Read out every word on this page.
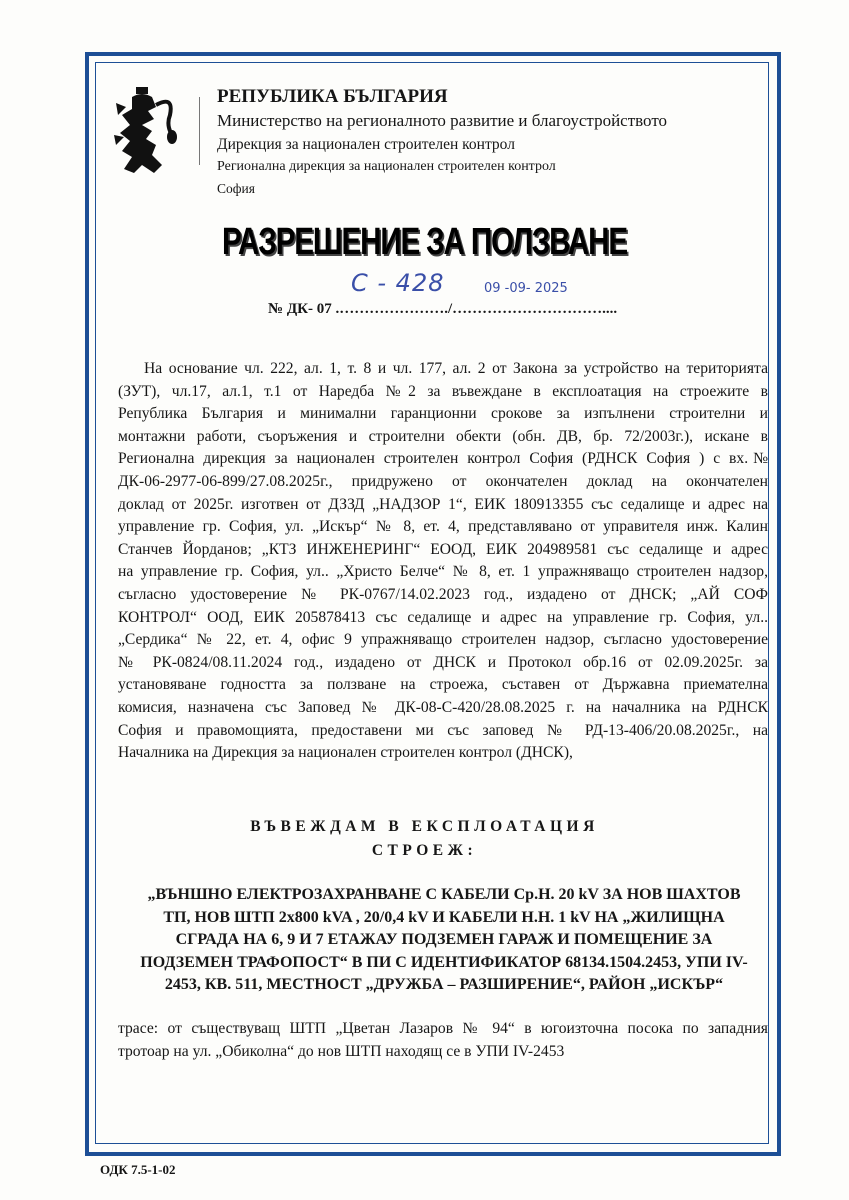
РЕПУБЛИКА БЪЛГАРИЯ
Министерство на регионалното развитие и благоустройството
Дирекция за национален строителен контрол
Регионална дирекция за национален строителен контрол
София
РАЗРЕШЕНИЕ ЗА ПОЛЗВАНЕ
С - 428	09 -09- 2025
№ ДК- 07 .…………………./…………………………....
На основание чл. 222, ал. 1, т. 8 и чл. 177, ал. 2 от Закона за устройство на територията
(ЗУТ), чл.17, ал.1, т.1 от Наредба №2 за въвеждане в експлоатация на строежите в
Република България и минимални гаранционни срокове за изпълнени строителни и
монтажни работи, съоръжения и строителни обекти (обн. ДВ, бр. 72/2003г.), искане в
Регионална дирекция за национален строителен контрол София (РДНСК София ) с вх.№
ДК-06-2977-06-899/27.08.2025г., придружено от окончателен доклад на окончателен
доклад от 2025г. изготвен от ДЗЗД „НАДЗОР 1“, ЕИК 180913355 със седалище и адрес на
управление гр. София, ул. „Искър“ № 8, ет. 4, представлявано от управителя инж. Калин
Станчев Йорданов; „КТЗ ИНЖЕНЕРИНГ“ ЕООД, ЕИК 204989581 със седалище и адрес
на управление гр. София, ул.. „Христо Белче“ № 8, ет. 1 упражняващо строителен надзор,
съгласно удостоверение № РК-0767/14.02.2023 год., издадено от ДНСК; „АЙ СОФ
КОНТРОЛ“ ООД, ЕИК 205878413 със седалище и адрес на управление гр. София, ул..
„Сердика“ № 22, ет. 4, офис 9 упражняващо строителен надзор, съгласно удостоверение
№ РК-0824/08.11.2024 год., издадено от ДНСК и Протокол обр.16 от 02.09.2025г. за
установяване годността за ползване на строежа, съставен от Държавна приемателна
комисия, назначена със Заповед № ДК-08-С-420/28.08.2025 г. на началника на РДНСК
София и правомощията, предоставени ми със заповед № РД-13-406/20.08.2025г., на
Началника на Дирекция за национален строителен контрол (ДНСК),
ВЪВЕЖДАМ В ЕКСПЛОАТАЦИЯ
СТРОЕЖ:
„ВЪНШНО ЕЛЕКТРОЗАХРАНВАНЕ С КАБЕЛИ Ср.Н. 20 kV ЗА НОВ ШАХТОВ
ТП, НОВ ШТП 2x800 kVA , 20/0,4 kV И КАБЕЛИ Н.Н. 1 kV НА „ЖИЛИЩНА
СГРАДА НА 6, 9 И 7 ЕТАЖАУ ПОДЗЕМЕН ГАРАЖ И ПОМЕЩЕНИЕ ЗА
ПОДЗЕМЕН ТРАФОПОСТ“ В ПИ С ИДЕНТИФИКАТОР 68134.1504.2453, УПИ IV-
2453, КВ. 511, МЕСТНОСТ „ДРУЖБА – РАЗШИРЕНИЕ“, РАЙОН „ИСКЪР“
трасе: от съществуващ ШТП „Цветан Лазаров № 94“ в югоизточна посока по западния
тротоар на ул. „Обиколна“ до нов ШТП находящ се в УПИ IV-2453
ОДК 7.5-1-02
